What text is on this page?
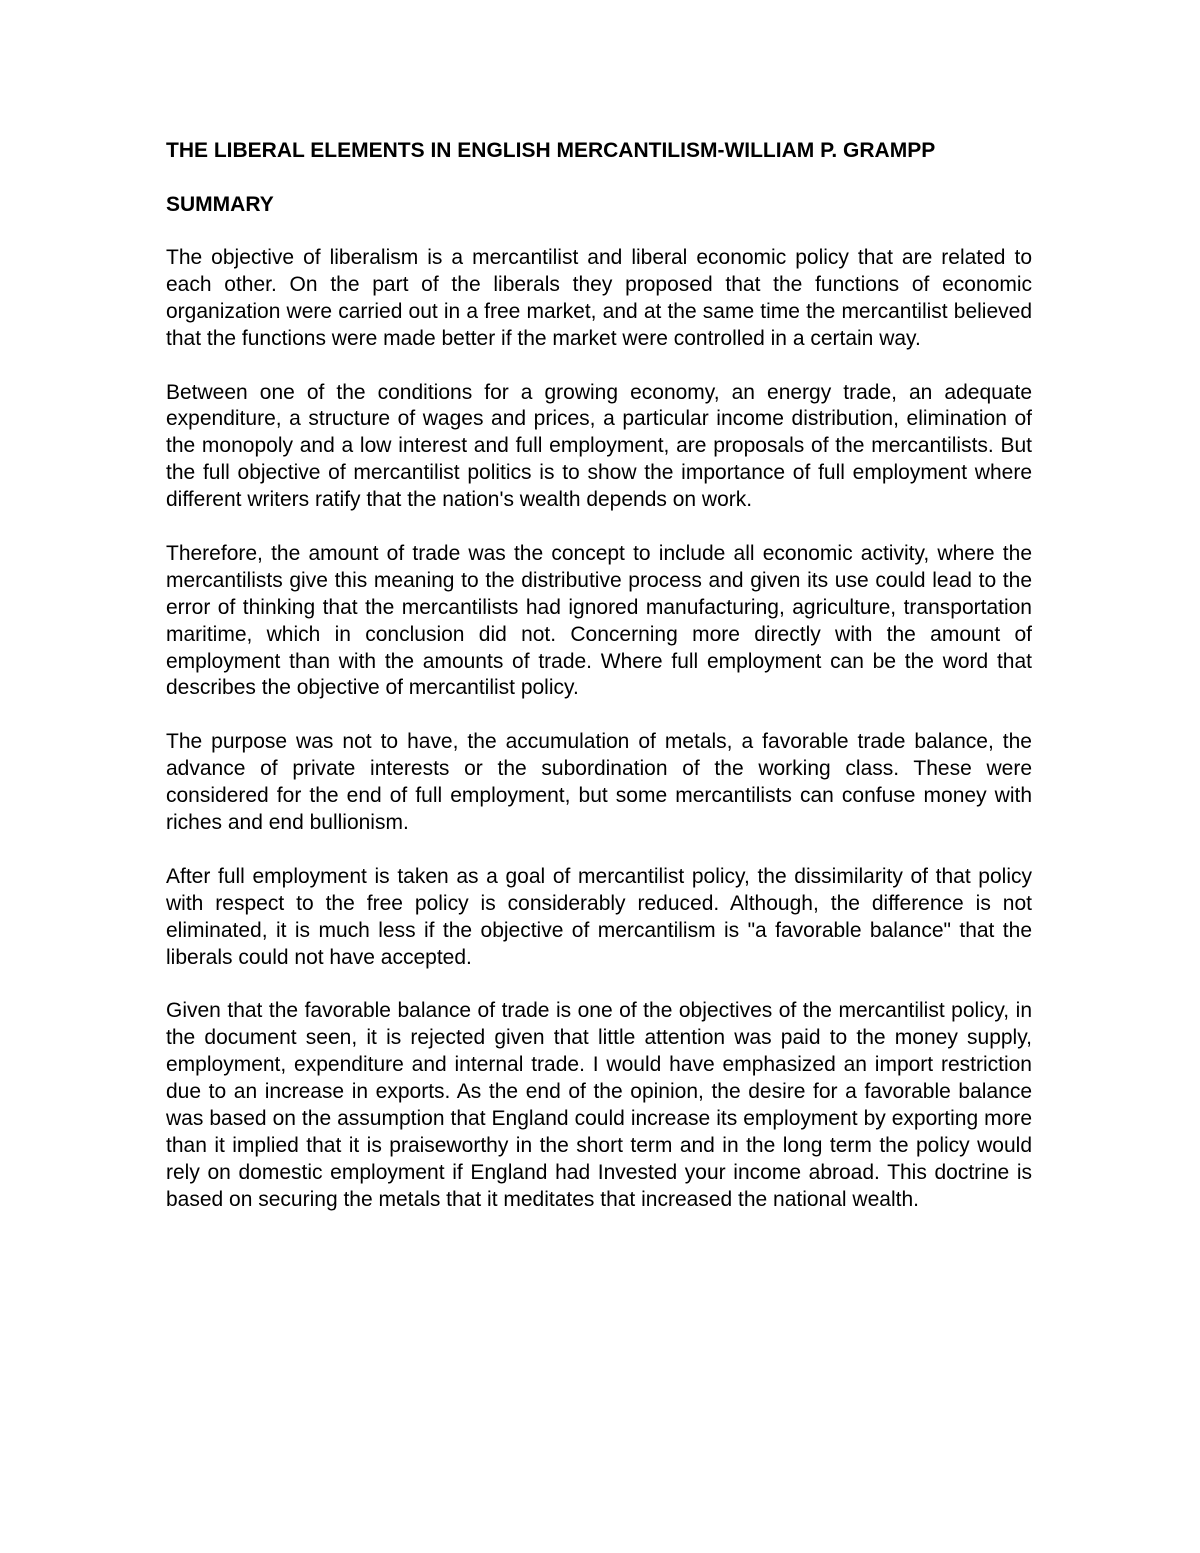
THE LIBERAL ELEMENTS IN ENGLISH MERCANTILISM-WILLIAM P. GRAMPP
SUMMARY

The objective of liberalism is a mercantilist and liberal economic policy that are related to each other. On the part of the liberals they proposed that the functions of economic organization were carried out in a free market, and at the same time the mercantilist believed that the functions were made better if the market were controlled in a certain way.

Between one of the conditions for a growing economy, an energy trade, an adequate expenditure, a structure of wages and prices, a particular income distribution, elimination of the monopoly and a low interest and full employment, are proposals of the mercantilists. But the full objective of mercantilist politics is to show the importance of full employment where different writers ratify that the nation's wealth depends on work.

Therefore, the amount of trade was the concept to include all economic activity, where the mercantilists give this meaning to the distributive process and given its use could lead to the error of thinking that the mercantilists had ignored manufacturing, agriculture, transportation maritime, which in conclusion did not. Concerning more directly with the amount of employment than with the amounts of trade. Where full employment can be the word that describes the objective of mercantilist policy.

The purpose was not to have, the accumulation of metals, a favorable trade balance, the advance of private interests or the subordination of the working class. These were considered for the end of full employment, but some mercantilists can confuse money with riches and end bullionism.

After full employment is taken as a goal of mercantilist policy, the dissimilarity of that policy with respect to the free policy is considerably reduced. Although, the difference is not eliminated, it is much less if the objective of mercantilism is "a favorable balance" that the liberals could not have accepted.

Given that the favorable balance of trade is one of the objectives of the mercantilist policy, in the document seen, it is rejected given that little attention was paid to the money supply, employment, expenditure and internal trade. I would have emphasized an import restriction due to an increase in exports. As the end of the opinion, the desire for a favorable balance was based on the assumption that England could increase its employment by exporting more than it implied that it is praiseworthy in the short term and in the long term the policy would rely on domestic employment if England had Invested your income abroad. This doctrine is based on securing the metals that it meditates that increased the national wealth.
